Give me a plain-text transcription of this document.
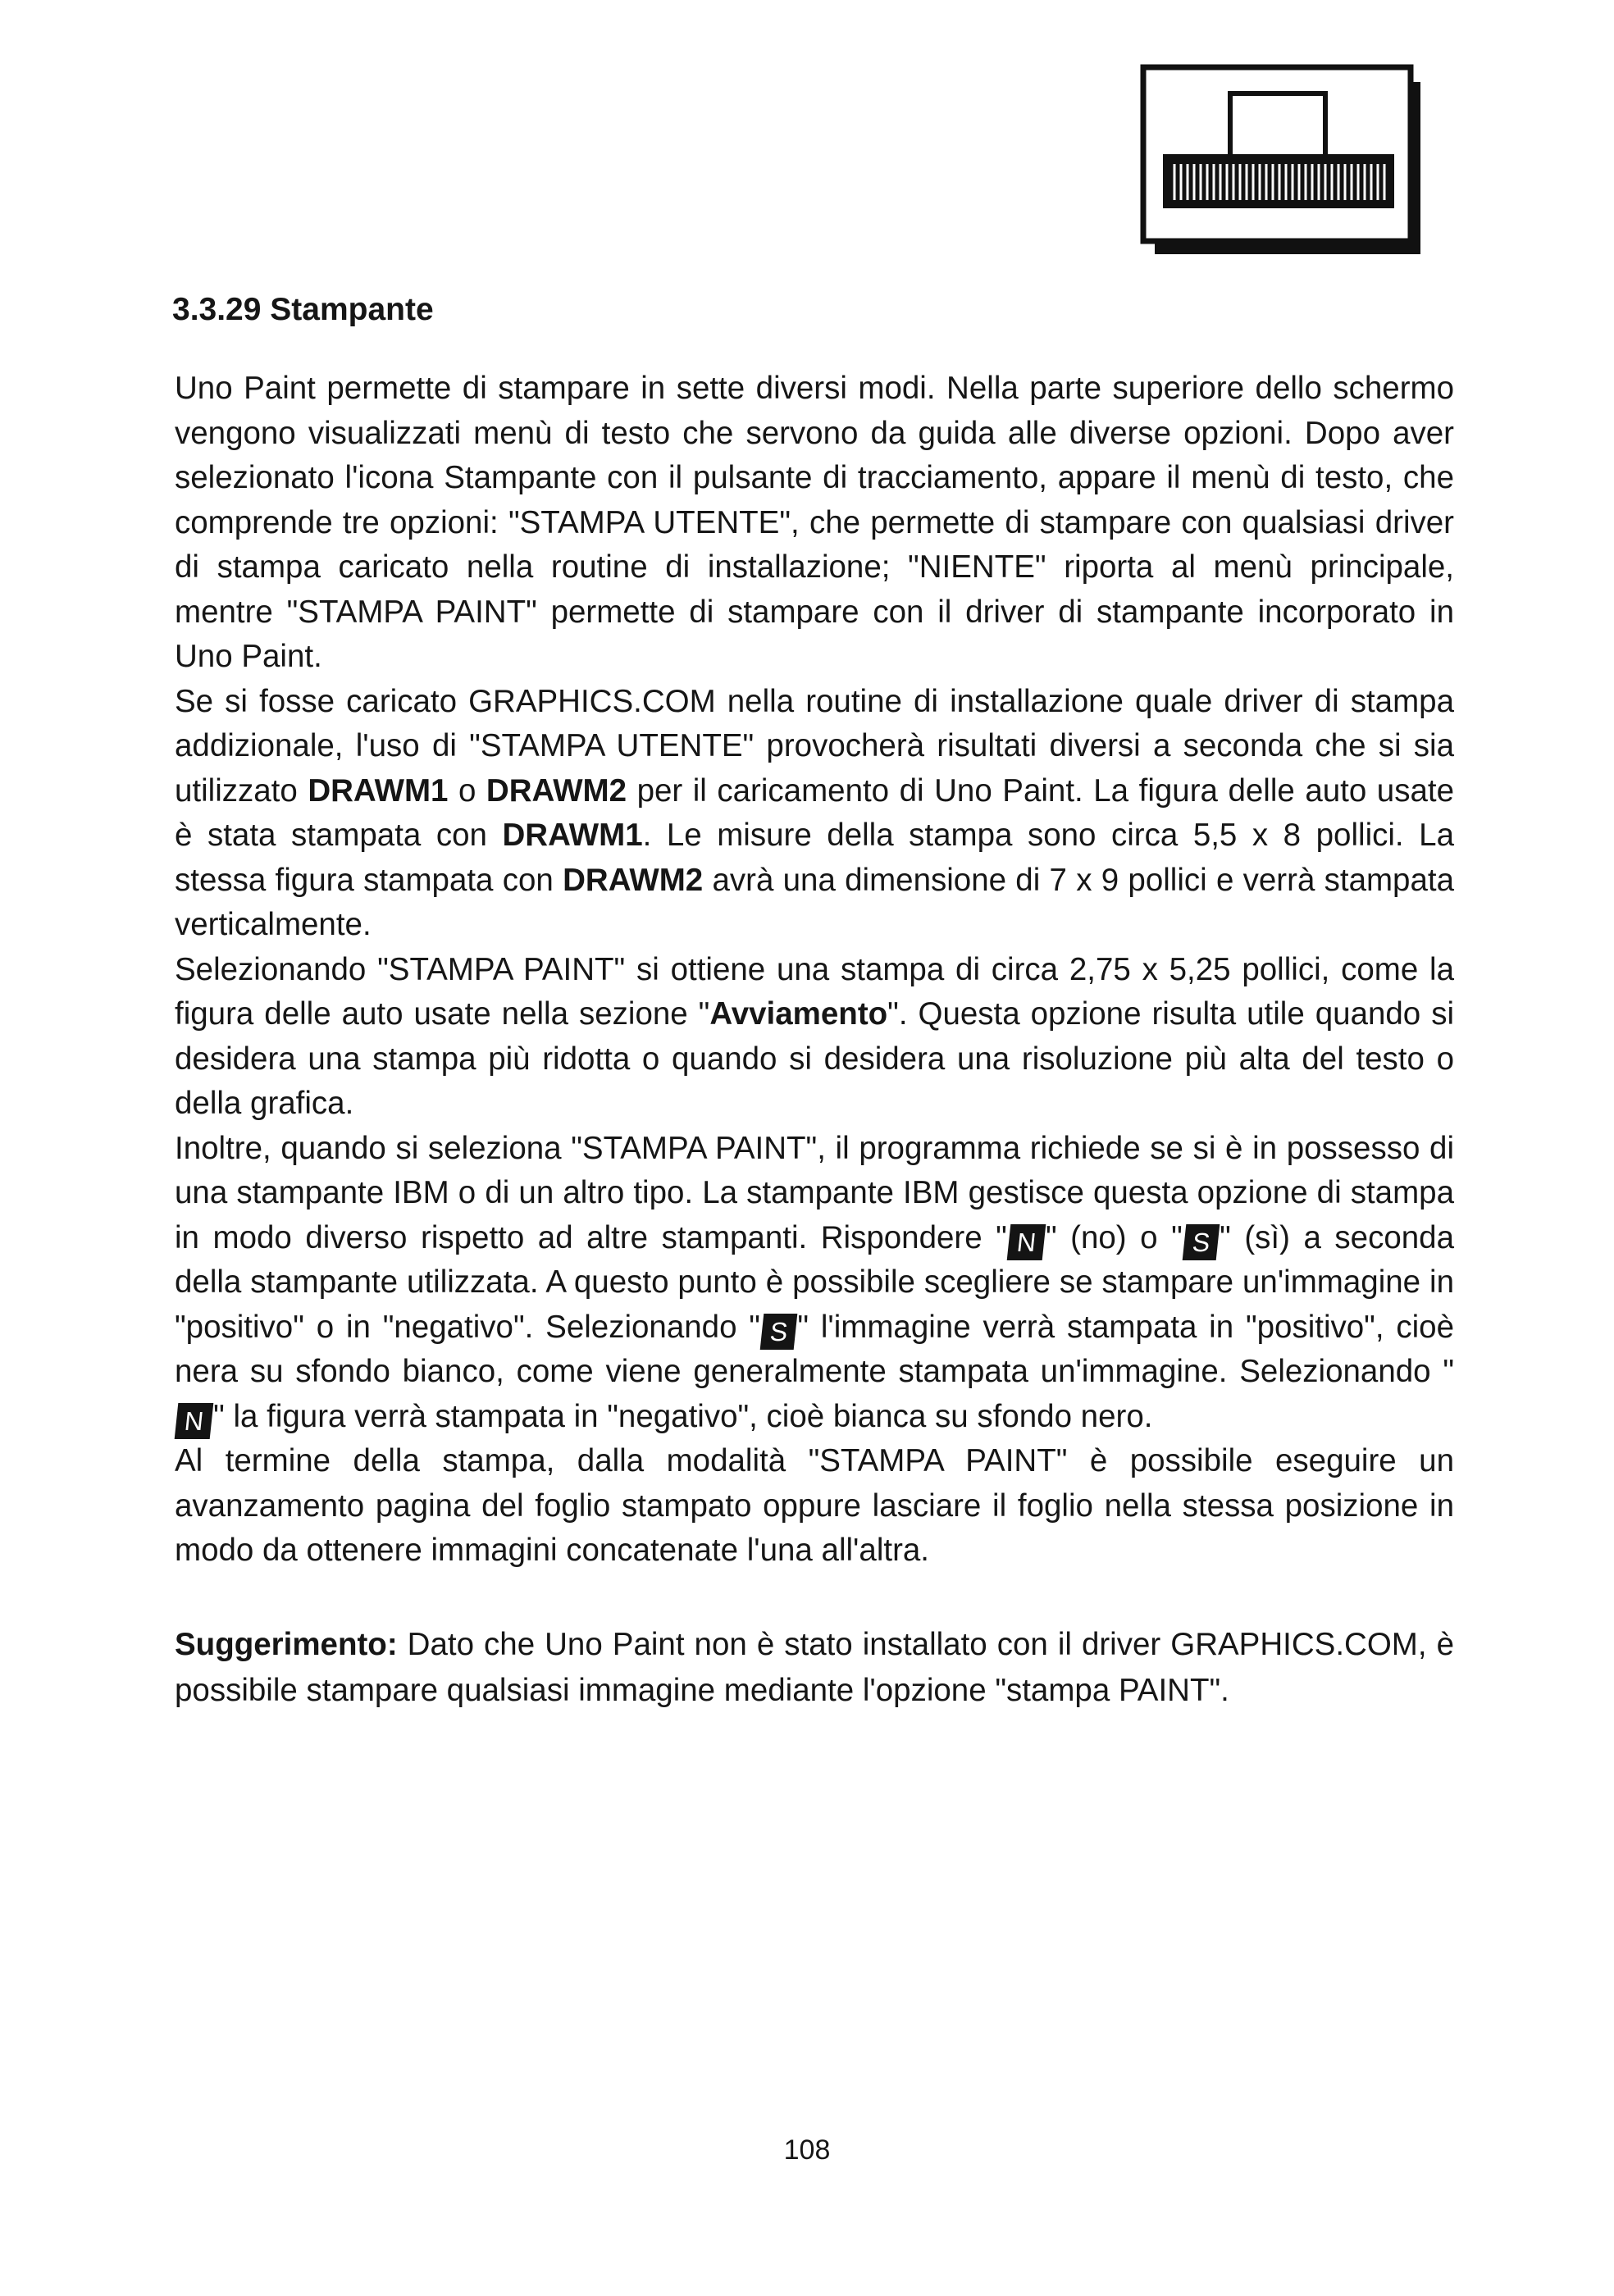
3.3.29 Stampante

Uno Paint permette di stampare in sette diversi modi. Nella parte superiore dello schermo vengono visualizzati menù di testo che servono da guida alle diverse opzioni. Dopo aver selezionato l'icona Stampante con il pulsante di tracciamento, appare il menù di testo, che comprende tre opzioni: "STAMPA UTENTE", che permette di stampare con qualsiasi driver di stampa caricato nella routine di installazione; "NIENTE" riporta al menù principale, mentre "STAMPA PAINT" permette di stampare con il driver di stampante incorporato in Uno Paint.

Se si fosse caricato GRAPHICS.COM nella routine di installazione quale driver di stampa addizionale, l'uso di "STAMPA UTENTE" provocherà risultati diversi a seconda che si sia utilizzato DRAWM1 o DRAWM2 per il caricamento di Uno Paint. La figura delle auto usate è stata stampata con DRAWM1. Le misure della stampa sono circa 5,5 x 8 pollici. La stessa figura stampata con DRAWM2 avrà una dimensione di 7 x 9 pollici e verrà stampata verticalmente.

Selezionando "STAMPA PAINT" si ottiene una stampa di circa 2,75 x 5,25 pollici, come la figura delle auto usate nella sezione "Avviamento". Questa opzione risulta utile quando si desidera una stampa più ridotta o quando si desidera una risoluzione più alta del testo o della grafica.

Inoltre, quando si seleziona "STAMPA PAINT", il programma richiede se si è in possesso di una stampante IBM o di un altro tipo. La stampante IBM gestisce questa opzione di stampa in modo diverso rispetto ad altre stampanti. Rispondere " N " (no) o " S " (sì) a seconda della stampante utilizzata. A questo punto è possibile scegliere se stampare un'immagine in "positivo" o in "negativo". Selezionando " S " l'immagine verrà stampata in "positivo", cioè nera su sfondo bianco, come viene generalmente stampata un'immagine. Selezionando "N " la figura verrà stampata in "negativo", cioè bianca su sfondo nero.

Al termine della stampa, dalla modalità "STAMPA PAINT" è possibile eseguire un avanzamento pagina del foglio stampato oppure lasciare il foglio nella stessa posizione in modo da ottenere immagini concatenate l'una all'altra.

Suggerimento: Dato che Uno Paint non è stato installato con il driver GRAPHICS.COM, è possibile stampare qualsiasi immagine mediante l'opzione "stampa PAINT".

108
